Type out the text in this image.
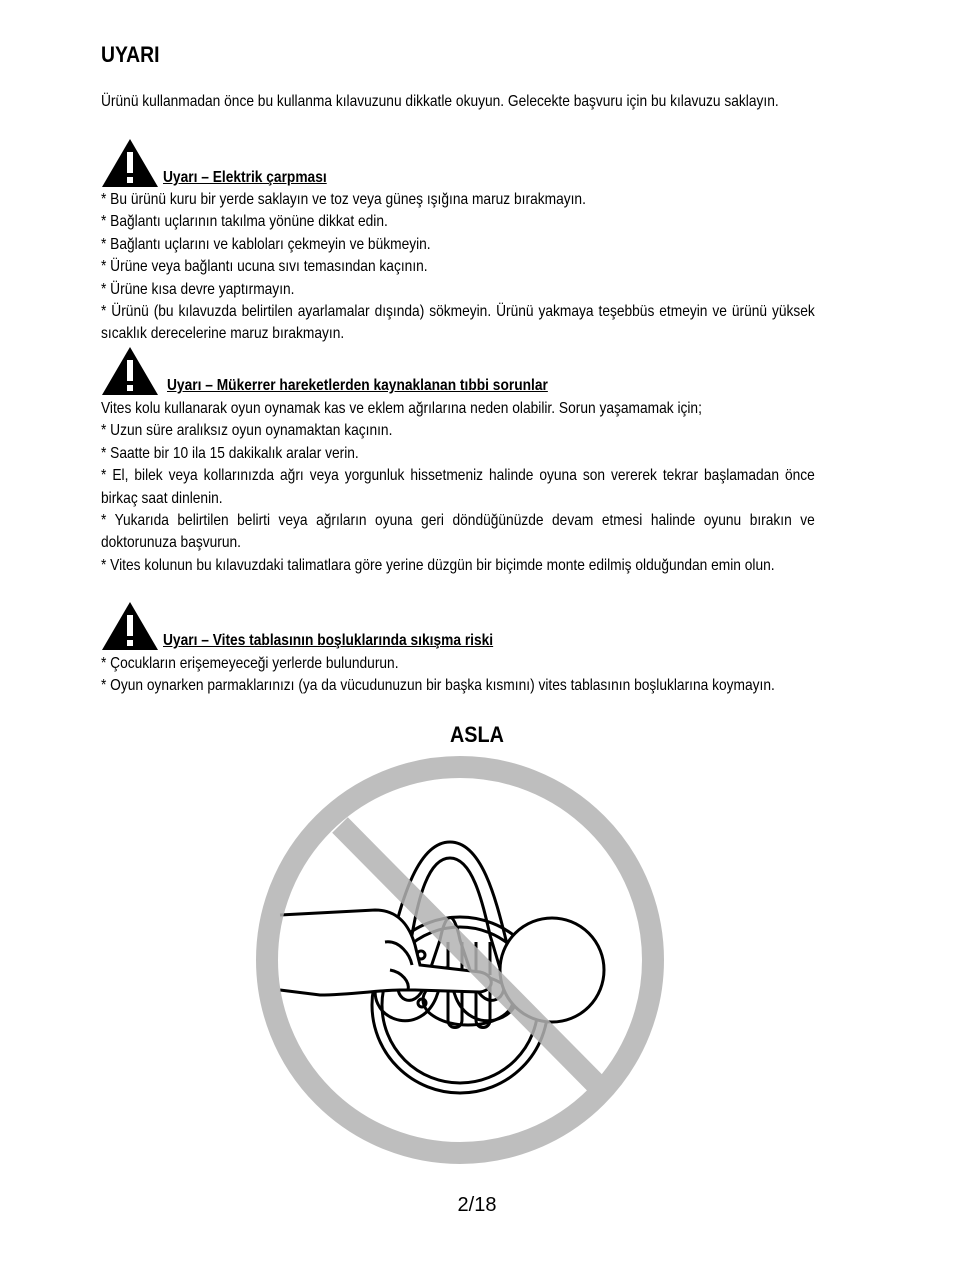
UYARI
Ürünü kullanmadan önce bu kullanma kılavuzunu dikkatle okuyun. Gelecekte başvuru için bu kılavuzu saklayın.
Uyarı – Elektrik çarpması
* Bu ürünü kuru bir yerde saklayın ve toz veya güneş ışığına maruz bırakmayın.
* Bağlantı uçlarının takılma yönüne dikkat edin.
* Bağlantı uçlarını ve kabloları çekmeyin ve bükmeyin.
* Ürüne veya bağlantı ucuna sıvı temasından kaçının.
* Ürüne kısa devre yaptırmayın.
* Ürünü (bu kılavuzda belirtilen ayarlamalar dışında) sökmeyin. Ürünü yakmaya teşebbüs etmeyin ve ürünü yüksek sıcaklık derecelerine maruz bırakmayın.
Uyarı – Mükerrer hareketlerden kaynaklanan tıbbi sorunlar
Vites kolu kullanarak oyun oynamak kas ve eklem ağrılarına neden olabilir. Sorun yaşamamak için;
* Uzun süre aralıksız oyun oynamaktan kaçının.
* Saatte bir 10 ila 15 dakikalık aralar verin.
* El, bilek veya kollarınızda ağrı veya yorgunluk hissetmeniz halinde oyuna son vererek tekrar başlamadan önce birkaç saat dinlenin.
* Yukarıda belirtilen belirti veya ağrıların oyuna geri döndüğünüzde devam etmesi halinde oyunu bırakın ve doktorunuza başvurun.
* Vites kolunun bu kılavuzdaki talimatlara göre yerine düzgün bir biçimde monte edilmiş olduğundan emin olun.
Uyarı – Vites tablasının boşluklarında sıkışma riski
* Çocukların erişemeyeceği yerlerde bulundurun.
* Oyun oynarken parmaklarınızı (ya da vücudunuzun bir başka kısmını) vites tablasının boşluklarına koymayın.
ASLA
2/18
